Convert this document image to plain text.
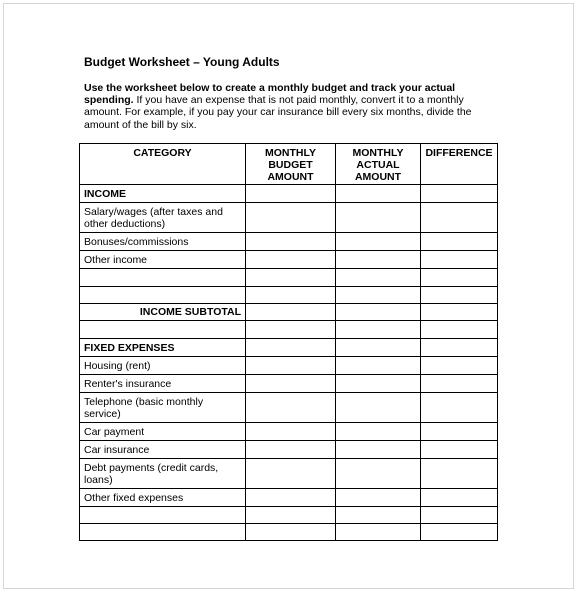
Budget Worksheet – Young Adults
Use the worksheet below to create a monthly budget and track your actual spending. If you have an expense that is not paid monthly, convert it to a monthly amount. For example, if you pay your car insurance bill every six months, divide the amount of the bill by six.
CATEGORY	MONTHLY BUDGET AMOUNT	MONTHLY ACTUAL AMOUNT	DIFFERENCE
INCOME			
Salary/wages (after taxes and other deductions)			
Bonuses/commissions			
Other income			

INCOME SUBTOTAL			

FIXED EXPENSES			
Housing (rent)			
Renter's insurance			
Telephone (basic monthly service)			
Car payment			
Car insurance			
Debt payments (credit cards, loans)			
Other fixed expenses			
